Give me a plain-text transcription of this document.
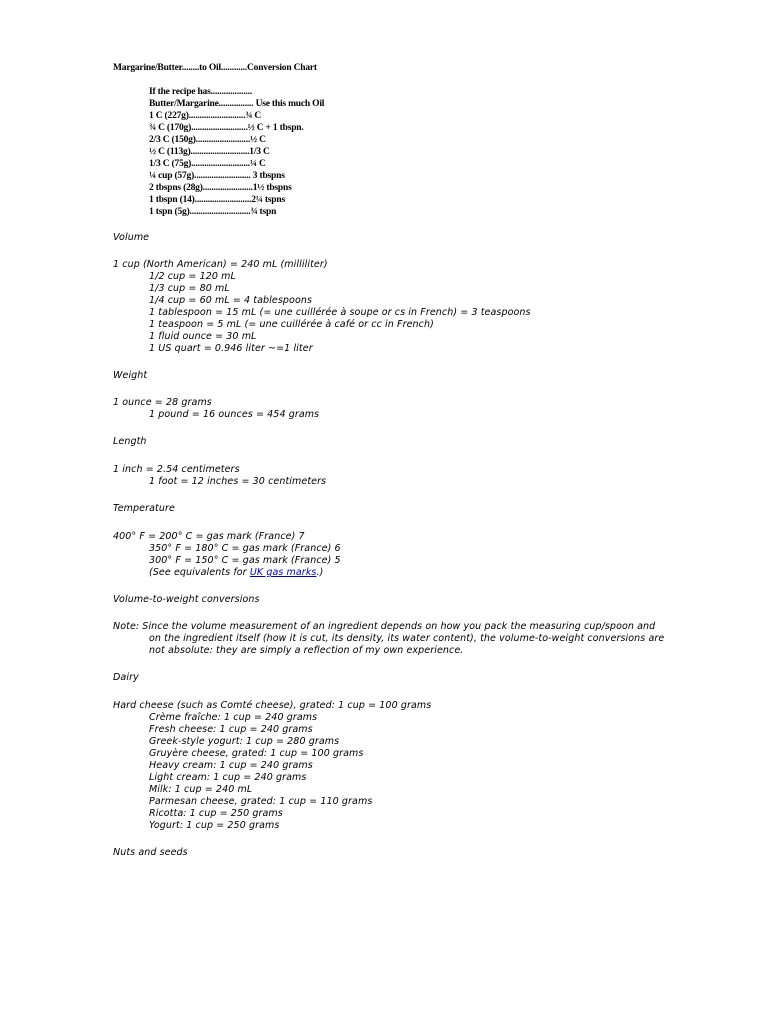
Margarine/Butter........to Oil............Conversion Chart
If the recipe has...................
Butter/Margarine................ Use this much Oil
1 C (227g)..........................¾ C
¾ C (170g)..........................½ C + 1 tbspn.
2/3 C (150g).........................½ C
½ C (113g)...........................1/3 C
1/3 C (75g)...........................¼ C
¼ cup (57g).......................... 3 tbspns
2 tbspns (28g).......................1½ tbspns
1 tbspn (14)..........................2¼ tspns
1 tspn (5g)............................¾ tspn
Volume
1 cup (North American) = 240 mL (milliliter)
1/2 cup = 120 mL
1/3 cup = 80 mL
1/4 cup = 60 mL = 4 tablespoons
1 tablespoon = 15 mL (= une cuillérée à soupe or cs in French) = 3 teaspoons
1 teaspoon = 5 mL (= une cuillérée à café or cc in French)
1 fluid ounce = 30 mL
1 US quart = 0.946 liter ~=1 liter
Weight
1 ounce = 28 grams
1 pound = 16 ounces = 454 grams
Length
1 inch = 2.54 centimeters
1 foot = 12 inches = 30 centimeters
Temperature
400° F = 200° C = gas mark (France) 7
350° F = 180° C = gas mark (France) 6
300° F = 150° C = gas mark (France) 5
(See equivalents for UK gas marks.)
Volume-to-weight conversions
Note: Since the volume measurement of an ingredient depends on how you pack the measuring cup/spoon and
on the ingredient itself (how it is cut, its density, its water content), the volume-to-weight conversions are
not absolute: they are simply a reflection of my own experience.
Dairy
Hard cheese (such as Comté cheese), grated: 1 cup = 100 grams
Crème fraîche: 1 cup = 240 grams
Fresh cheese: 1 cup = 240 grams
Greek-style yogurt: 1 cup = 280 grams
Gruyère cheese, grated: 1 cup = 100 grams
Heavy cream: 1 cup = 240 grams
Light cream: 1 cup = 240 grams
Milk: 1 cup = 240 mL
Parmesan cheese, grated: 1 cup = 110 grams
Ricotta: 1 cup = 250 grams
Yogurt: 1 cup = 250 grams
Nuts and seeds
